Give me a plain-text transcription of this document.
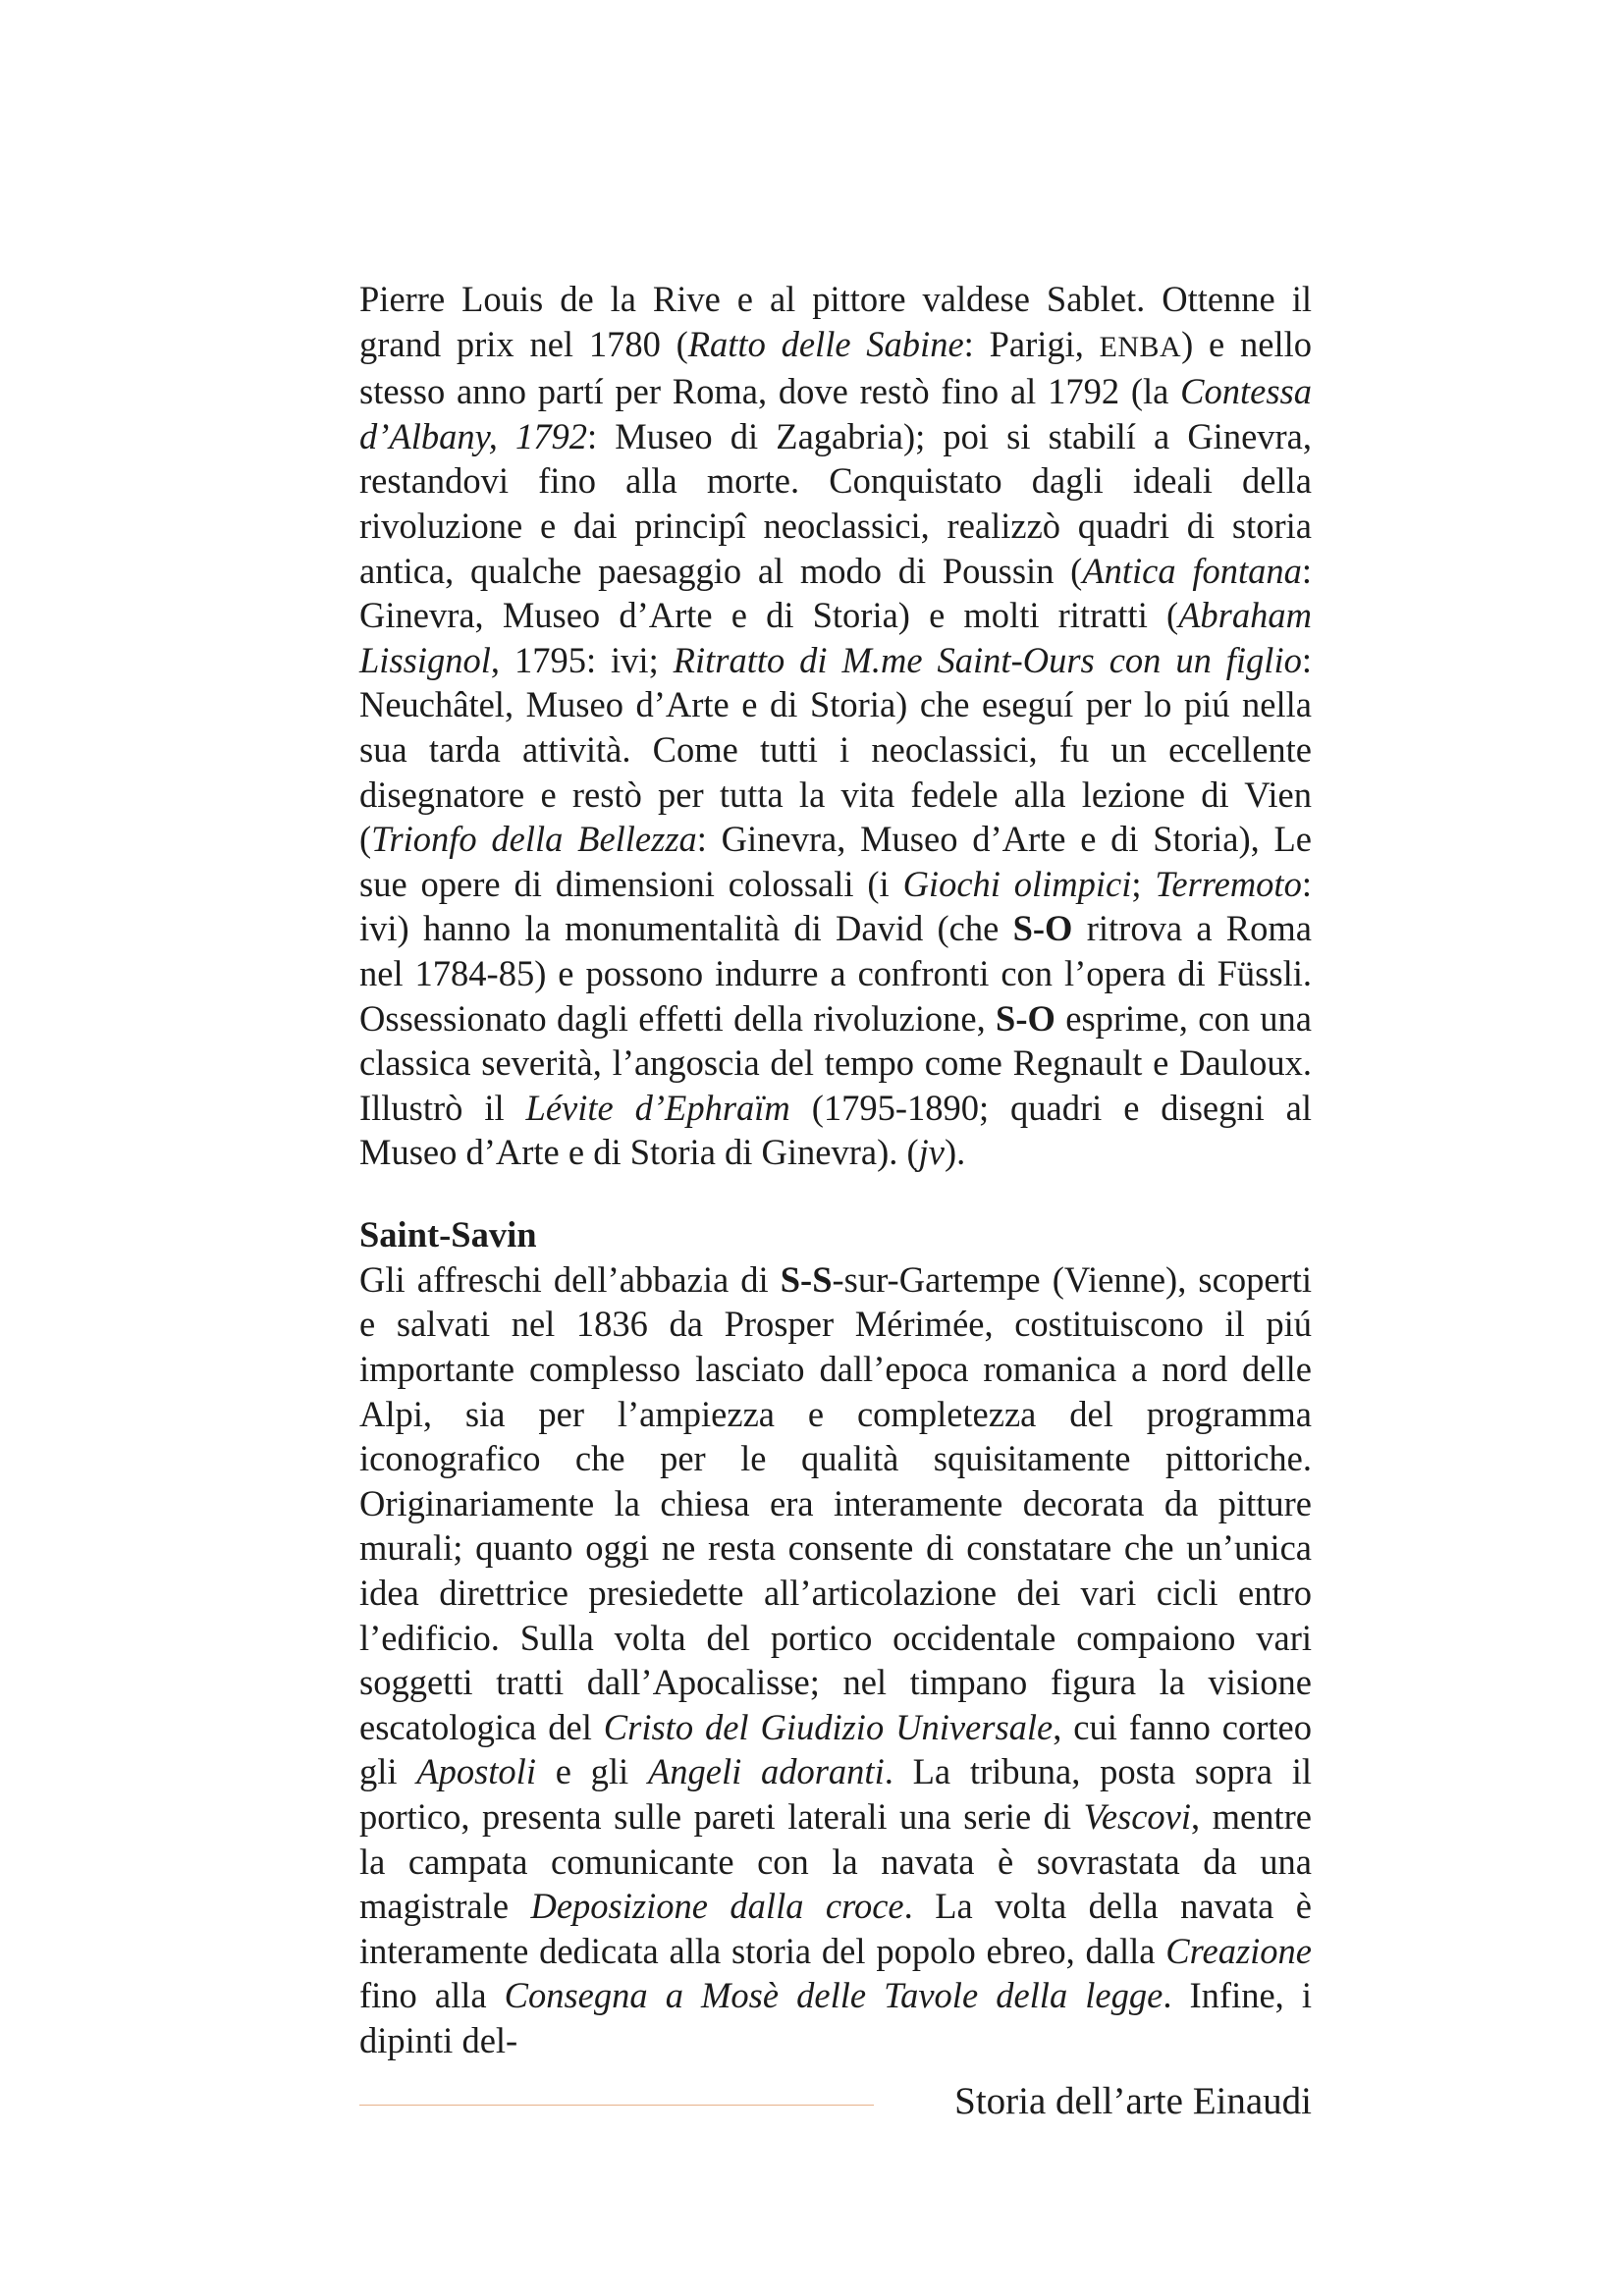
Pierre Louis de la Rive e al pittore valdese Sablet. Ottenne il grand prix nel 1780 (Ratto delle Sabine: Parigi, ENBA) e nello stesso anno partí per Roma, dove restò fino al 1792 (la Contessa d’Albany, 1792: Museo di Zagabria); poi si stabilí a Ginevra, restandovi fino alla morte. Conquistato dagli ideali della rivoluzione e dai principî neoclassici, realizzò quadri di storia antica, qualche paesaggio al modo di Poussin (Antica fontana: Ginevra, Museo d’Arte e di Storia) e molti ritratti (Abraham Lissignol, 1795: ivi; Ritratto di M.me Saint-Ours con un figlio: Neuchâtel, Museo d’Arte e di Storia) che eseguí per lo piú nella sua tarda attività. Come tutti i neoclassici, fu un eccellente disegnatore e restò per tutta la vita fedele alla lezione di Vien (Trionfo della Bellezza: Ginevra, Museo d’Arte e di Storia), Le sue opere di dimensioni colossali (i Giochi olimpici; Terremoto: ivi) hanno la monumentalità di David (che S-O ritrova a Roma nel 1784-85) e possono indurre a confronti con l’opera di Füssli. Ossessionato dagli effetti della rivoluzione, S-O esprime, con una classica severità, l’angoscia del tempo come Regnault e Dauloux. Illustrò il Lévite d’Ephraïm (1795-1890; quadri e disegni al Museo d’Arte e di Storia di Ginevra). (jv).

Saint-Savin

Gli affreschi dell’abbazia di S-S-sur-Gartempe (Vienne), scoperti e salvati nel 1836 da Prosper Mérimée, costituiscono il piú importante complesso lasciato dall’epoca romanica a nord delle Alpi, sia per l’ampiezza e completezza del programma iconografico che per le qualità squisitamente pittoriche. Originariamente la chiesa era interamente decorata da pitture murali; quanto oggi ne resta consente di constatare che un’unica idea direttrice presiedette all’articolazione dei vari cicli entro l’edificio. Sulla volta del portico occidentale compaiono vari soggetti tratti dall’Apocalisse; nel timpano figura la visione escatologica del Cristo del Giudizio Universale, cui fanno corteo gli Apostoli e gli Angeli adoranti. La tribuna, posta sopra il portico, presenta sulle pareti laterali una serie di Vescovi, mentre la campata comunicante con la navata è sovrastata da una magistrale Deposizione dalla croce. La volta della navata è interamente dedicata alla storia del popolo ebreo, dalla Creazione fino alla Consegna a Mosè delle Tavole della legge. Infine, i dipinti del-

Storia dell’arte Einaudi
